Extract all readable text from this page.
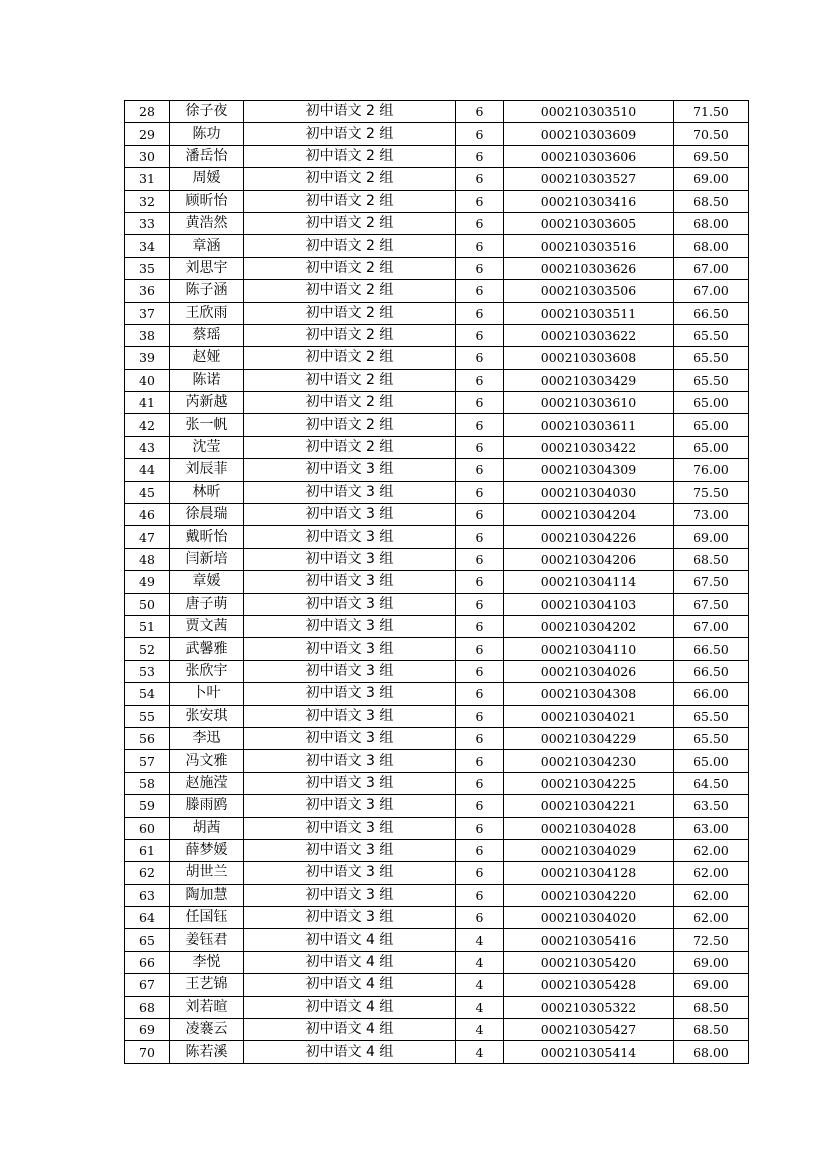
28	徐子夜	初中语文 2 组	6	000210303510	71.50
29	陈功	初中语文 2 组	6	000210303609	70.50
30	潘岳怡	初中语文 2 组	6	000210303606	69.50
31	周媛	初中语文 2 组	6	000210303527	69.00
32	顾昕怡	初中语文 2 组	6	000210303416	68.50
33	黄浩然	初中语文 2 组	6	000210303605	68.00
34	章涵	初中语文 2 组	6	000210303516	68.00
35	刘思宇	初中语文 2 组	6	000210303626	67.00
36	陈子涵	初中语文 2 组	6	000210303506	67.00
37	王欣雨	初中语文 2 组	6	000210303511	66.50
38	蔡瑶	初中语文 2 组	6	000210303622	65.50
39	赵娅	初中语文 2 组	6	000210303608	65.50
40	陈诺	初中语文 2 组	6	000210303429	65.50
41	芮新越	初中语文 2 组	6	000210303610	65.00
42	张一帆	初中语文 2 组	6	000210303611	65.00
43	沈莹	初中语文 2 组	6	000210303422	65.00
44	刘辰菲	初中语文 3 组	6	000210304309	76.00
45	林昕	初中语文 3 组	6	000210304030	75.50
46	徐晨瑞	初中语文 3 组	6	000210304204	73.00
47	戴昕怡	初中语文 3 组	6	000210304226	69.00
48	闫新培	初中语文 3 组	6	000210304206	68.50
49	章媛	初中语文 3 组	6	000210304114	67.50
50	唐子萌	初中语文 3 组	6	000210304103	67.50
51	贾文茜	初中语文 3 组	6	000210304202	67.00
52	武馨雅	初中语文 3 组	6	000210304110	66.50
53	张欣宇	初中语文 3 组	6	000210304026	66.50
54	卜叶	初中语文 3 组	6	000210304308	66.00
55	张安琪	初中语文 3 组	6	000210304021	65.50
56	李迅	初中语文 3 组	6	000210304229	65.50
57	冯文雅	初中语文 3 组	6	000210304230	65.00
58	赵施滢	初中语文 3 组	6	000210304225	64.50
59	滕雨鸥	初中语文 3 组	6	000210304221	63.50
60	胡茜	初中语文 3 组	6	000210304028	63.00
61	薛梦媛	初中语文 3 组	6	000210304029	62.00
62	胡世兰	初中语文 3 组	6	000210304128	62.00
63	陶加慧	初中语文 3 组	6	000210304220	62.00
64	任国钰	初中语文 3 组	6	000210304020	62.00
65	姜钰君	初中语文 4 组	4	000210305416	72.50
66	李悦	初中语文 4 组	4	000210305420	69.00
67	王艺锦	初中语文 4 组	4	000210305428	69.00
68	刘若暄	初中语文 4 组	4	000210305322	68.50
69	凌褰云	初中语文 4 组	4	000210305427	68.50
70	陈若溪	初中语文 4 组	4	000210305414	68.00
